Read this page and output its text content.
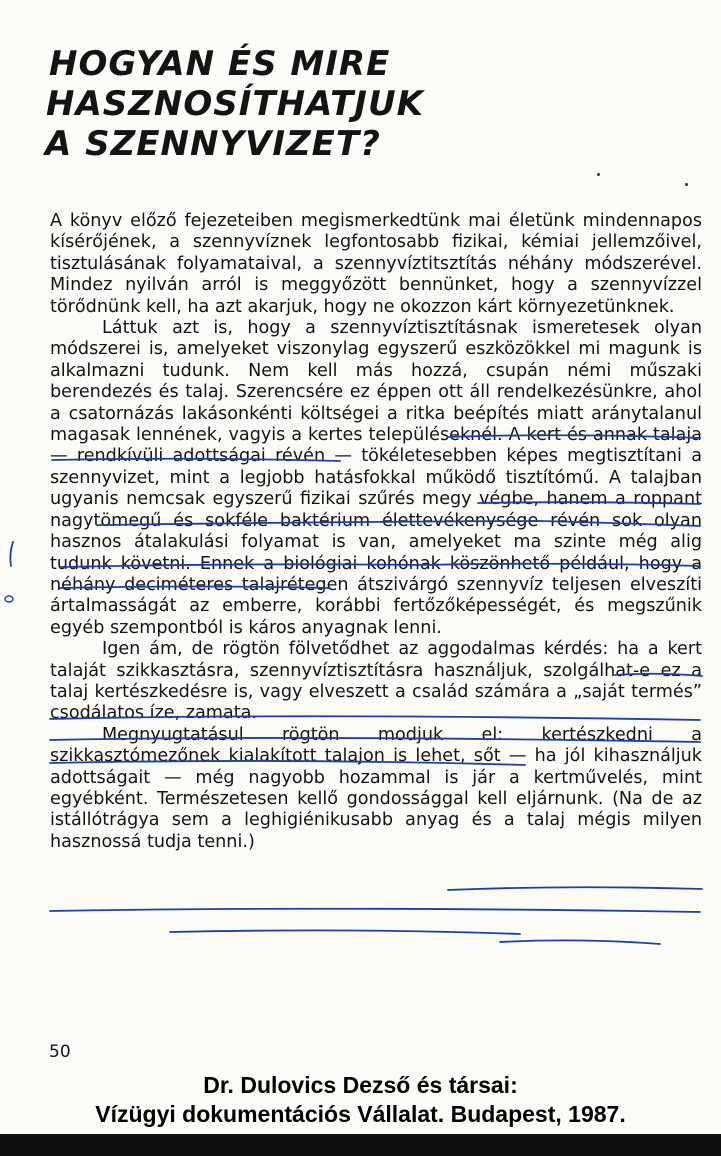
HOGYAN ÉS MIRE
HASZNOSÍTHATJUK
A SZENNYVIZET?

A könyv előző fejezeteiben megismerkedtünk mai életünk mindennapos kísérőjének, a szennyvíznek legfontosabb fizikai, kémiai jellemzőivel, tisztulásának folyamataival, a szennyvíztitsztítás néhány módszerével. Mindez nyilván arról is meggyőzött bennünket, hogy a szennyvízzel törődnünk kell, ha azt akarjuk, hogy ne okozzon kárt környezetünknek.

Láttuk azt is, hogy a szennyvíztisztításnak ismeretesek olyan módszerei is, amelyeket viszonylag egyszerű eszközökkel mi magunk is alkalmazni tudunk. Nem kell más hozzá, csupán némi műszaki berendezés és talaj. Szerencsére ez éppen ott áll rendelkezésünkre, ahol a csatornázás lakásonkénti költségei a ritka beépítés miatt aránytalanul magasak lennének, vagyis a kertes településeknél. A kert és annak talaja — rendkívüli adottságai révén — tökéletesebben képes megtisztítani a szennyvizet, mint a legjobb hatásfokkal működő tisztítómű. A talajban ugyanis nemcsak egyszerű fizikai szűrés megy végbe, hanem a roppant nagytömegű és sokféle baktérium élettevékenysége révén sok olyan hasznos átalakulási folyamat is van, amelyeket ma szinte még alig tudunk követni. Ennek a biológiai kohónak köszönhető például, hogy a néhány deciméteres talajrétegen átszivárgó szennyvíz teljesen elveszíti ártalmasságát az emberre, korábbi fertőzőképességét, és megszűnik egyéb szempontból is káros anyagnak lenni.

Igen ám, de rögtön fölvetődhet az aggodalmas kérdés: ha a kert talaját szikkasztásra, szennyvíztisztításra használjuk, szolgálhat-e ez a talaj kertészkedésre is, vagy elveszett a család számára a „saját termés” csodálatos íze, zamata.

Megnyugtatásul rögtön modjuk el: kertészkedni a szikkasztómezőnek kialakított talajon is lehet, sőt — ha jól kihasználjuk adottságait — még nagyobb hozammal is jár a kertművelés, mint egyébként. Természetesen kellő gondossággal kell eljárnunk. (Na de az istállótrágya sem a leghigiénikusabb anyag és a talaj mégis milyen hasznossá tudja tenni.)

50

Dr. Dulovics Dezső és társai:

Vízügyi dokumentációs Vállalat. Budapest, 1987.
